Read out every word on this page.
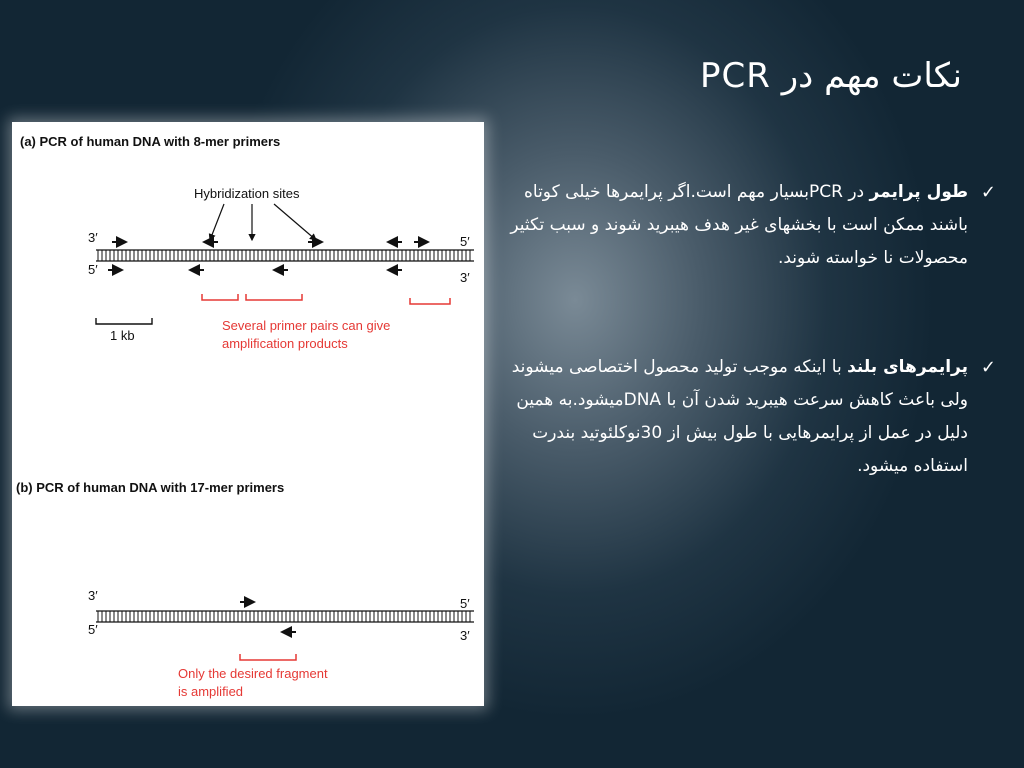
نکات مهم در PCR
(a) PCR of human DNA with 8-mer primers
Hybridization sites
3′	5′
5′
3′
1 kb
Several primer pairs can give
amplification products
(b) PCR of human DNA with 17-mer primers
3′
5′
5′	3′
Only the desired fragment
is amplified
✓
طول پرایمر در PCRبسیار مهم است.اگر پرایمرها خیلی کوتاه باشند ممکن است با بخشهای غیر هدف هیبرید شوند و سبب تکثیر محصولات نا خواسته شوند.
✓
پرایمرهای بلند با اینکه موجب تولید محصول اختصاصی میشوند ولی باعث کاهش سرعت هیبرید شدن آن با DNAمیشود.به همین دلیل در عمل از پرایمرهایی با طول بیش از 30نوکلئوتید بندرت استفاده میشود.
